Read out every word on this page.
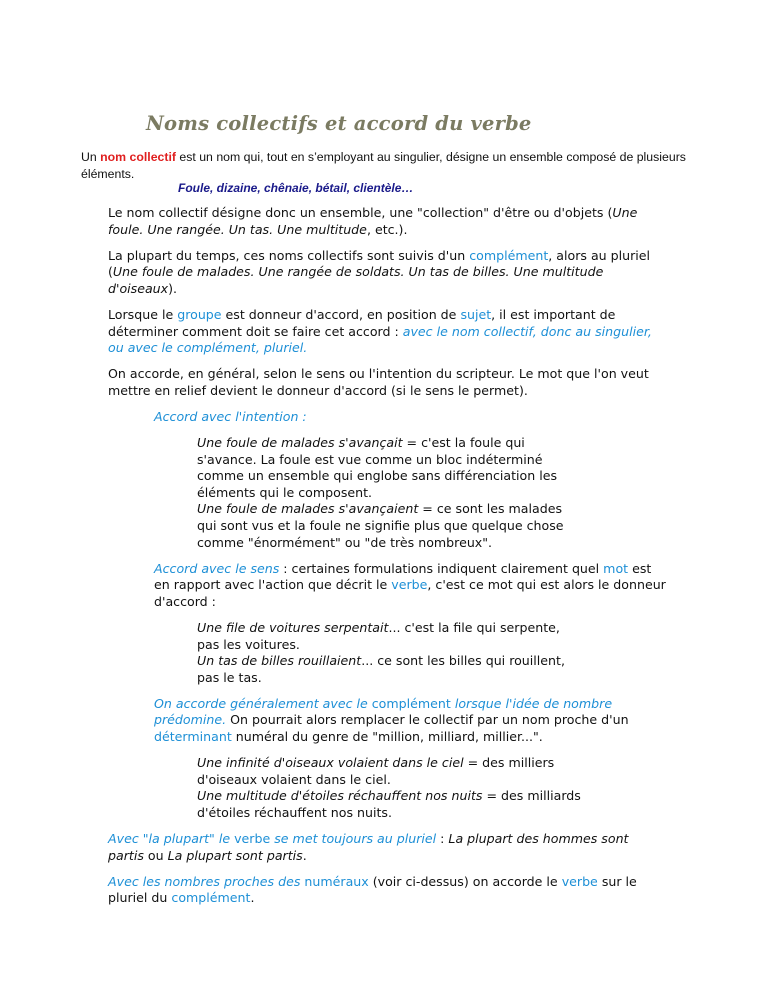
Noms collectifs et accord du verbe
Un nom collectif est un nom qui, tout en s’employant au singulier, désigne un ensemble composé de plusieurs éléments.
Foule, dizaine, chênaie, bétail, clientèle…

Le nom collectif désigne donc un ensemble, une "collection" d'être ou d'objets (Une foule. Une rangée. Un tas. Une multitude, etc.).

La plupart du temps, ces noms collectifs sont suivis d'un complément, alors au pluriel (Une foule de malades. Une rangée de soldats. Un tas de billes. Une multitude d'oiseaux).

Lorsque le groupe est donneur d'accord, en position de sujet, il est important de déterminer comment doit se faire cet accord : avec le nom collectif, donc au singulier, ou avec le complément, pluriel.

On accorde, en général, selon le sens ou l'intention du scripteur. Le mot que l'on veut mettre en relief devient le donneur d'accord (si le sens le permet).

Accord avec l'intention :

Une foule de malades s'avançait = c'est la foule qui s'avance. La foule est vue comme un bloc indéterminé comme un ensemble qui englobe sans différenciation les éléments qui le composent.
Une foule de malades s'avançaient = ce sont les malades qui sont vus et la foule ne signifie plus que quelque chose comme "énormément" ou "de très nombreux".

Accord avec le sens : certaines formulations indiquent clairement quel mot est en rapport avec l'action que décrit le verbe, c'est ce mot qui est alors le donneur d'accord :

Une file de voitures serpentait... c'est la file qui serpente, pas les voitures.
Un tas de billes rouillaient... ce sont les billes qui rouillent, pas le tas.

On accorde généralement avec le complément lorsque l'idée de nombre prédomine. On pourrait alors remplacer le collectif par un nom proche d'un déterminant numéral du genre de "million, milliard, millier...".

Une infinité d'oiseaux volaient dans le ciel = des milliers d'oiseaux volaient dans le ciel.
Une multitude d'étoiles réchauffent nos nuits = des milliards d'étoiles réchauffent nos nuits.

Avec "la plupart" le verbe se met toujours au pluriel : La plupart des hommes sont partis ou La plupart sont partis.

Avec les nombres proches des numéraux (voir ci-dessus) on accorde le verbe sur le pluriel du complément.
